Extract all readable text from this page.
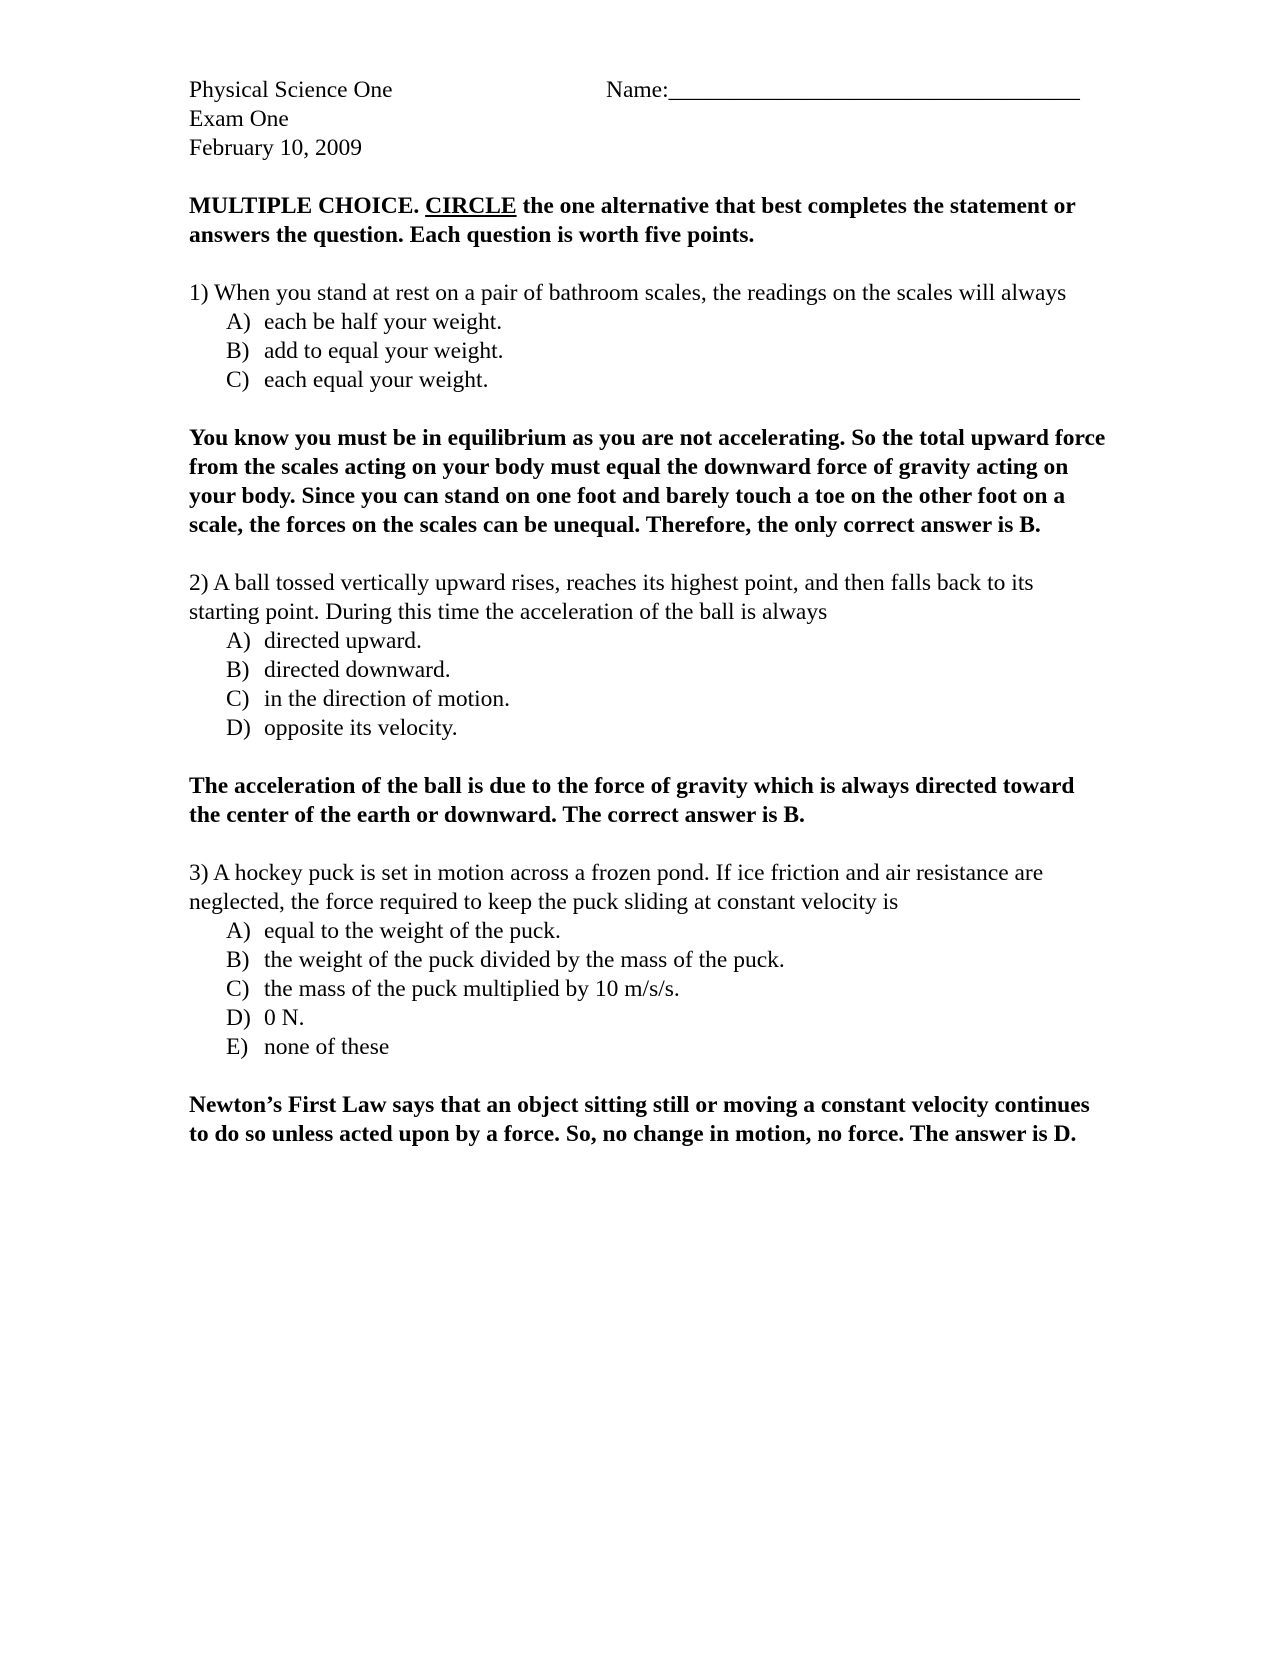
Physical Science One
Exam One
February 10, 2009
Name:___________________________________
MULTIPLE CHOICE. CIRCLE the one alternative that best completes the statement or answers the question. Each question is worth five points.
1) When you stand at rest on a pair of bathroom scales, the readings on the scales will always
A) each be half your weight.
B) add to equal your weight.
C) each equal your weight.
You know you must be in equilibrium as you are not accelerating. So the total upward force from the scales acting on your body must equal the downward force of gravity acting on your body. Since you can stand on one foot and barely touch a toe on the other foot on a scale, the forces on the scales can be unequal. Therefore, the only correct answer is B.
2) A ball tossed vertically upward rises, reaches its highest point, and then falls back to its starting point. During this time the acceleration of the ball is always
A) directed upward.
B) directed downward.
C) in the direction of motion.
D) opposite its velocity.
The acceleration of the ball is due to the force of gravity which is always directed toward the center of the earth or downward. The correct answer is B.
3) A hockey puck is set in motion across a frozen pond. If ice friction and air resistance are neglected, the force required to keep the puck sliding at constant velocity is
A) equal to the weight of the puck.
B) the weight of the puck divided by the mass of the puck.
C) the mass of the puck multiplied by 10 m/s/s.
D) 0 N.
E) none of these
Newton’s First Law says that an object sitting still or moving a constant velocity continues to do so unless acted upon by a force. So, no change in motion, no force. The answer is D.
